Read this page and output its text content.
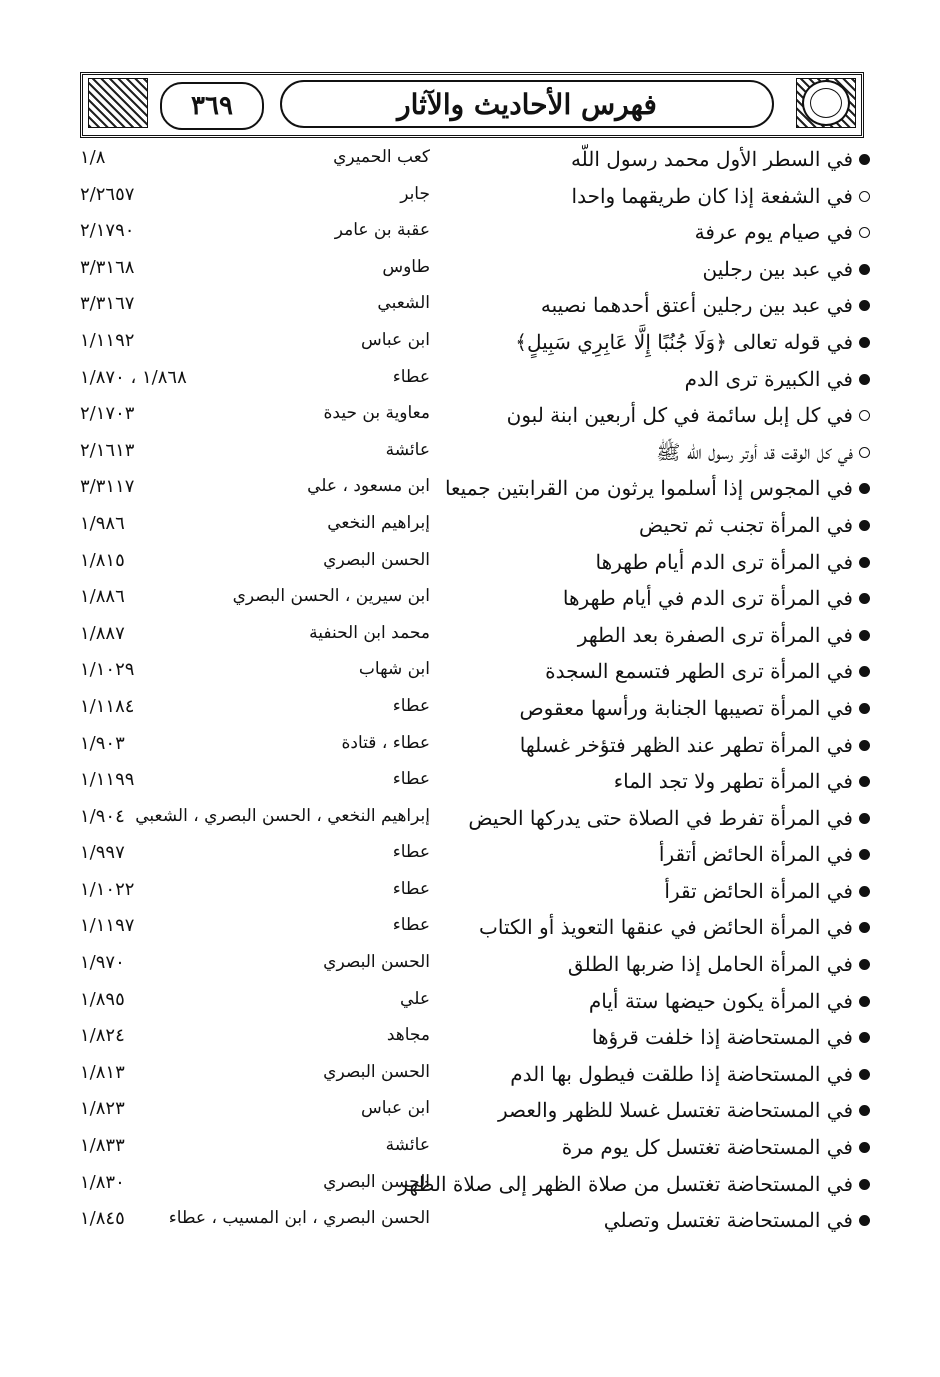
٣٦٩	فهرس الأحاديث والآثار
في السطر الأول محمد رسول اللّه
كعب الحميري
١/٨
في الشفعة إذا كان طريقهما واحدا
جابر
٢/٢٦٥٧
في صيام يوم عرفة
عقبة بن عامر
٢/١٧٩٠
في عبد بين رجلين
طاوس
٣/٣١٦٨
في عبد بين رجلين أعتق أحدهما نصيبه
الشعبي
٣/٣١٦٧
في قوله تعالى ﴿وَلَا جُنُبًا إِلَّا عَابِرِي سَبِيلٍ﴾
ابن عباس
١/١١٩٢
في الكبيرة ترى الدم
عطاء
١/٨٦٨ ، ١/٨٧٠
في كل إبل سائمة في كل أربعين ابنة لبون
معاوية بن حيدة
٢/١٧٠٣
في كل الوقت قد أوتر رسول اللّه ﷺ
عائشة
٢/١٦١٣
في المجوس إذا أسلموا يرثون من القرابتين جميعا
ابن مسعود ، علي
٣/٣١١٧
في المرأة تجنب ثم تحيض
إبراهيم النخعي
١/٩٨٦
في المرأة ترى الدم أيام طهرها
الحسن البصري
١/٨١٥
في المرأة ترى الدم في أيام طهرها
ابن سيرين ، الحسن البصري
١/٨٨٦
في المرأة ترى الصفرة بعد الطهر
محمد ابن الحنفية
١/٨٨٧
في المرأة ترى الطهر فتسمع السجدة
ابن شهاب
١/١٠٢٩
في المرأة تصيبها الجنابة ورأسها معقوص
عطاء
١/١١٨٤
في المرأة تطهر عند الظهر فتؤخر غسلها
عطاء ، قتادة
١/٩٠٣
في المرأة تطهر ولا تجد الماء
عطاء
١/١١٩٩
في المرأة تفرط في الصلاة حتى يدركها الحيض
إبراهيم النخعي ، الحسن البصري ، الشعبي
١/٩٠٤
في المرأة الحائض أتقرأ
عطاء
١/٩٩٧
في المرأة الحائض تقرأ
عطاء
١/١٠٢٢
في المرأة الحائض في عنقها التعويذ أو الكتاب
عطاء
١/١١٩٧
في المرأة الحامل إذا ضربها الطلق
الحسن البصري
١/٩٧٠
في المرأة يكون حيضها ستة أيام
علي
١/٨٩٥
في المستحاضة إذا خلفت قرؤها
مجاهد
١/٨٢٤
في المستحاضة إذا طلقت فيطول بها الدم
الحسن البصري
١/٨١٣
في المستحاضة تغتسل غسلا للظهر والعصر
ابن عباس
١/٨٢٣
في المستحاضة تغتسل كل يوم مرة
عائشة
١/٨٣٣
في المستحاضة تغتسل من صلاة الظهر إلى صلاة الظهر
الحسن البصري
١/٨٣٠
في المستحاضة تغتسل وتصلي
الحسن البصري ، ابن المسيب ، عطاء
١/٨٤٥
